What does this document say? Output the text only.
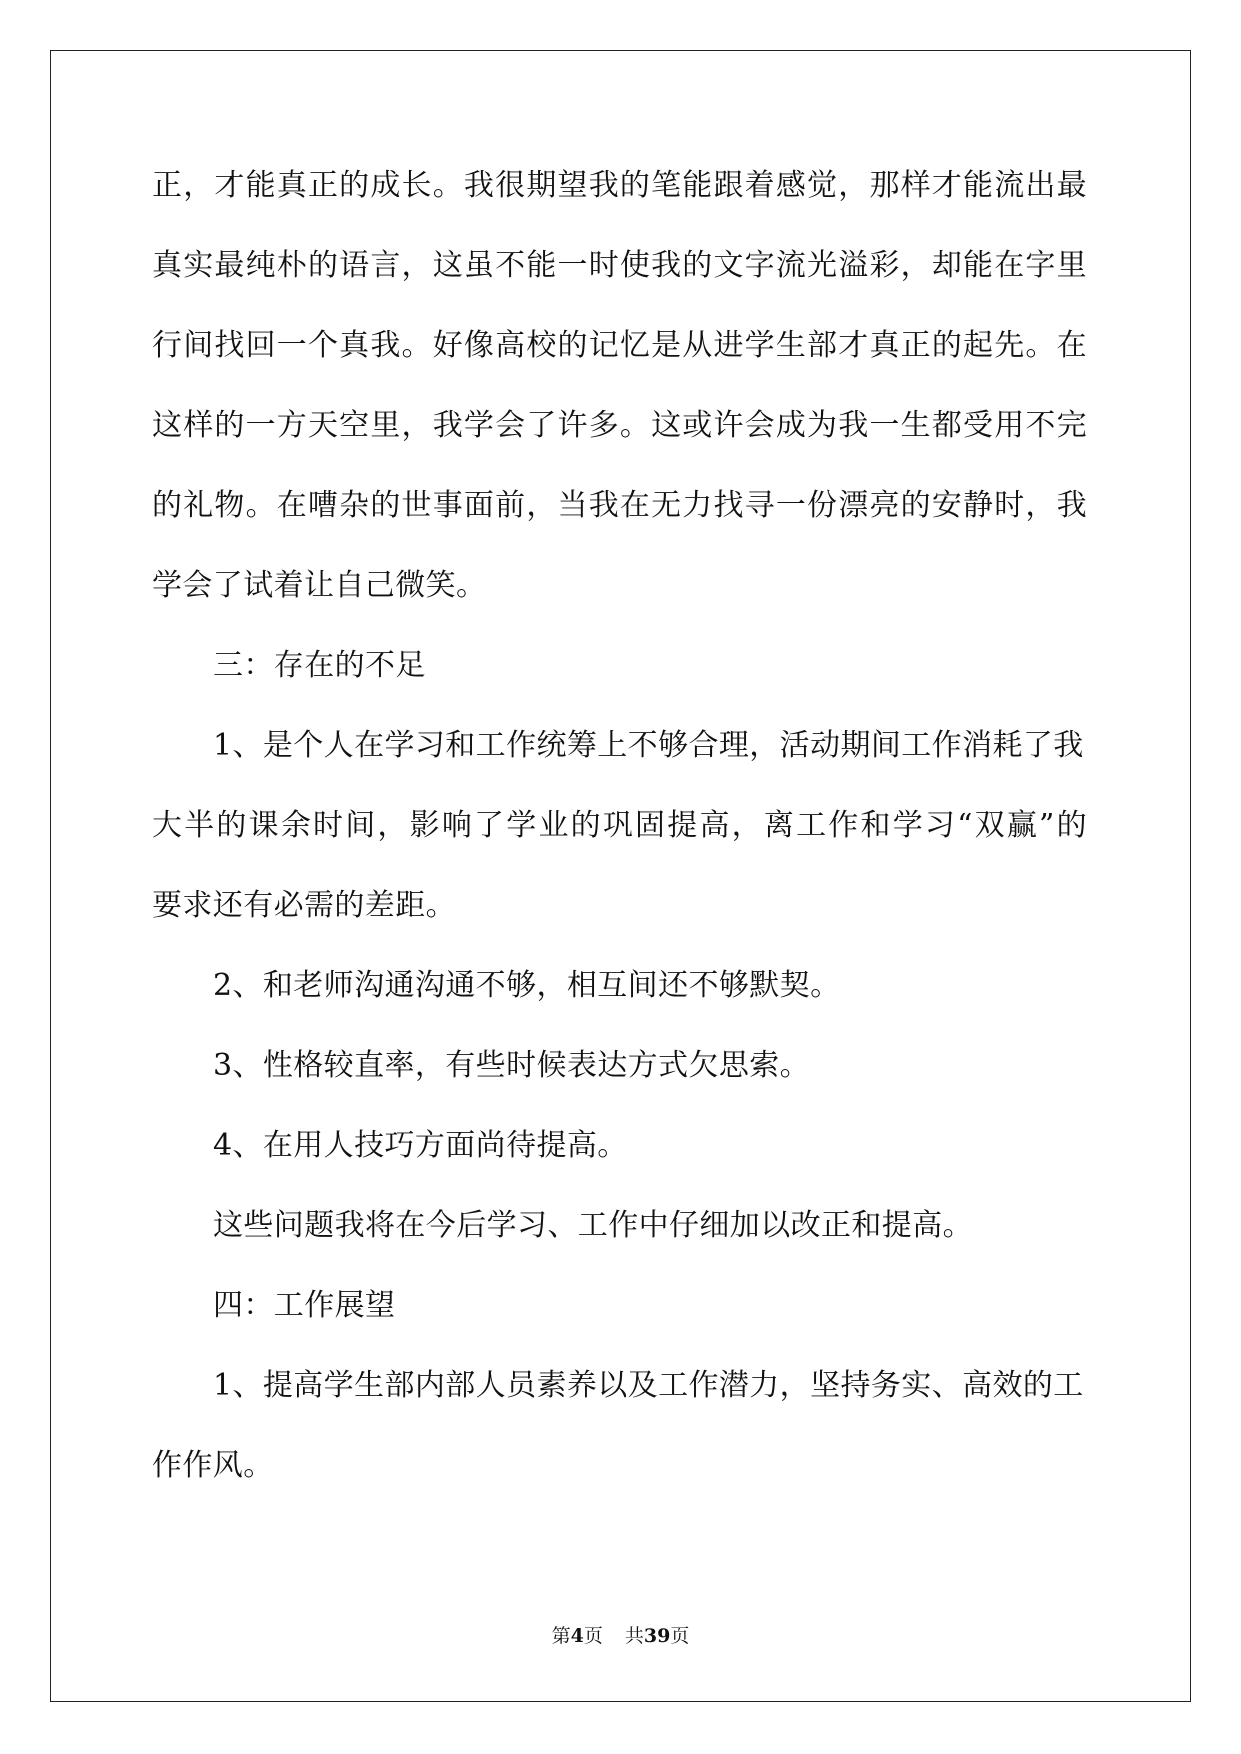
正，才能真正的成长。我很期望我的笔能跟着感觉，那样才能流出最
真实最纯朴的语言，这虽不能一时使我的文字流光溢彩，却能在字里
行间找回一个真我。好像高校的记忆是从进学生部才真正的起先。在
这样的一方天空里，我学会了许多。这或许会成为我一生都受用不完
的礼物。在嘈杂的世事面前，当我在无力找寻一份漂亮的安静时，我
学会了试着让自己微笑。
三：存在的不足
1、是个人在学习和工作统筹上不够合理，活动期间工作消耗了我
大半的课余时间，影响了学业的巩固提高，离工作和学习“双赢”的
要求还有必需的差距。
2、和老师沟通沟通不够，相互间还不够默契。
3、性格较直率，有些时候表达方式欠思索。
4、在用人技巧方面尚待提高。
这些问题我将在今后学习、工作中仔细加以改正和提高。
四：工作展望
1、提高学生部内部人员素养以及工作潜力，坚持务实、高效的工
作作风。
第4页 共39页
